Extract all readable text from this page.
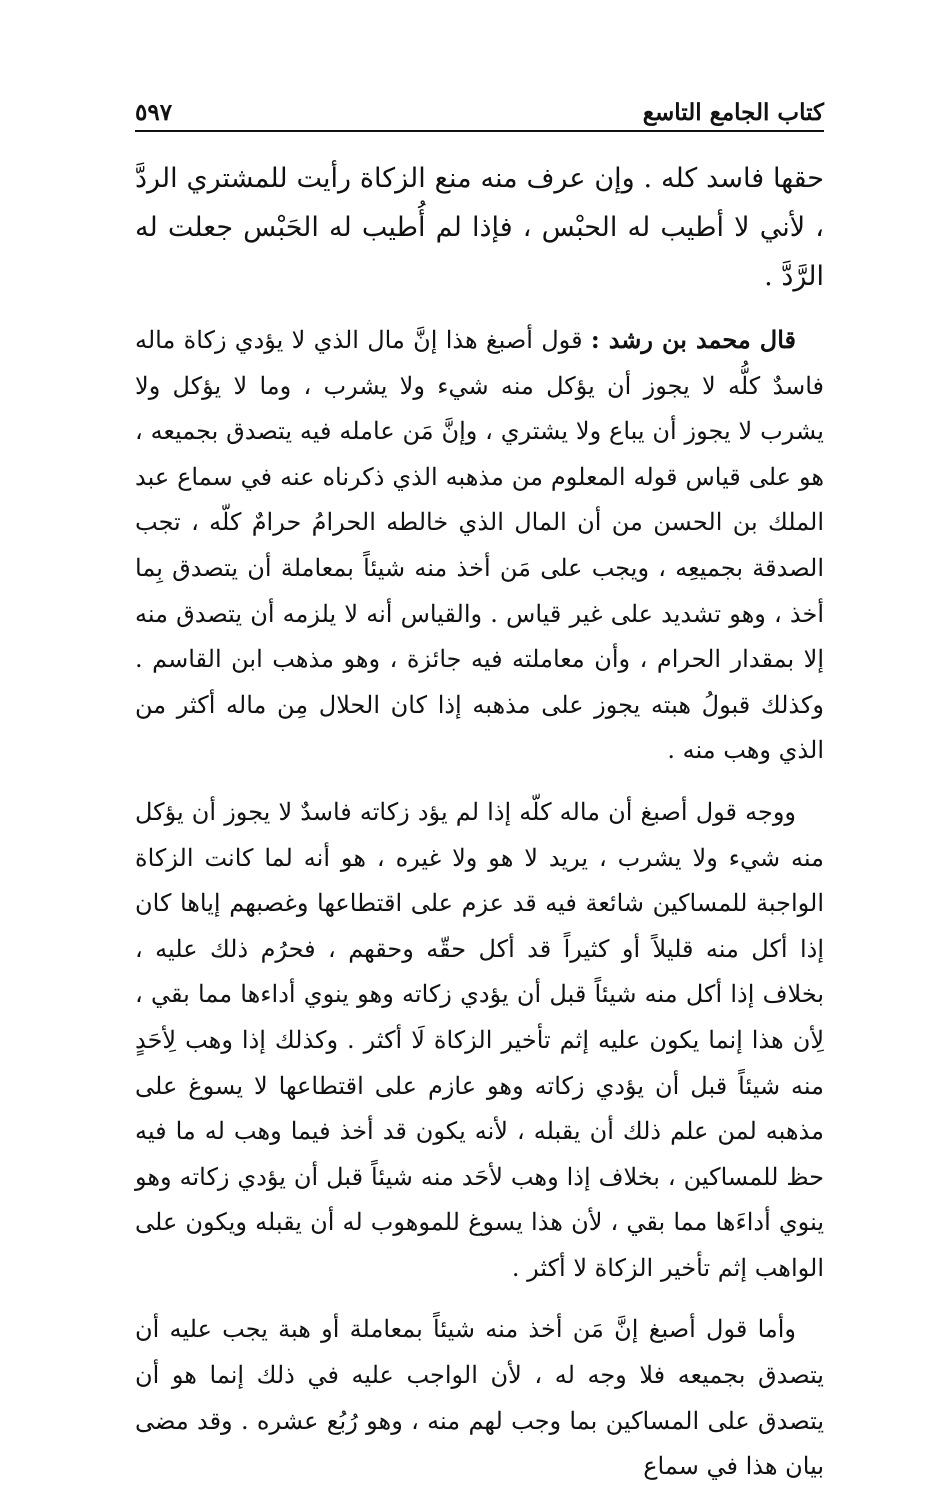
كتاب الجامع التاسع
٥٩٧

حقها فاسد كله . وإن عرف منه منع الزكاة رأيت للمشتري الردَّ ، لأني لا أطيب له الحبْس ، فإذا لم أُطيب له الحَبْس جعلت له الرَّدَّ .

قال محمد بن رشد : قول أصبغ هذا إنَّ مال الذي لا يؤدي زكاة ماله فاسدٌ كلُّه لا يجوز أن يؤكل منه شيء ولا يشرب ، وما لا يؤكل ولا يشرب لا يجوز أن يباع ولا يشتري ، وإنَّ مَن عامله فيه يتصدق بجميعه ، هو على قياس قوله المعلوم من مذهبه الذي ذكرناه عنه في سماع عبد الملك بن الحسن من أن المال الذي خالطه الحرامُ حرامٌ كلّه ، تجب الصدقة بجميعِه ، ويجب على مَن أخذ منه شيئاً بمعاملة أن يتصدق بِما أخذ ، وهو تشديد على غير قياس . والقياس أنه لا يلزمه أن يتصدق منه إلا بمقدار الحرام ، وأن معاملته فيه جائزة ، وهو مذهب ابن القاسم . وكذلك قبولُ هبته يجوز على مذهبه إذا كان الحلال مِن ماله أكثر من الذي وهب منه .

ووجه قول أصبغ أن ماله كلّه إذا لم يؤد زكاته فاسدٌ لا يجوز أن يؤكل منه شيء ولا يشرب ، يريد لا هو ولا غيره ، هو أنه لما كانت الزكاة الواجبة للمساكين شائعة فيه قد عزم على اقتطاعها وغصبهم إياها كان إذا أكل منه قليلاً أو كثيراً قد أكل حقّه وحقهم ، فحرُم ذلك عليه ، بخلاف إذا أكل منه شيئاً قبل أن يؤدي زكاته وهو ينوي أداءها مما بقي ، لِأن هذا إنما يكون عليه إثم تأخير الزكاة لَا أكثر . وكذلك إذا وهب لِأحَدٍ منه شيئاً قبل أن يؤدي زكاته وهو عازم على اقتطاعها لا يسوغ على مذهبه لمن علم ذلك أن يقبله ، لأنه يكون قد أخذ فيما وهب له ما فيه حظ للمساكين ، بخلاف إذا وهب لأحَد منه شيئاً قبل أن يؤدي زكاته وهو ينوي أداءَها مما بقي ، لأن هذا يسوغ للموهوب له أن يقبله ويكون على الواهب إثم تأخير الزكاة لا أكثر .

وأما قول أصبغ إنَّ مَن أخذ منه شيئاً بمعاملة أو هبة يجب عليه أن يتصدق بجميعه فلا وجه له ، لأن الواجب عليه في ذلك إنما هو أن يتصدق على المساكين بما وجب لهم منه ، وهو رُبُع عشره . وقد مضى بيان هذا في سماع
